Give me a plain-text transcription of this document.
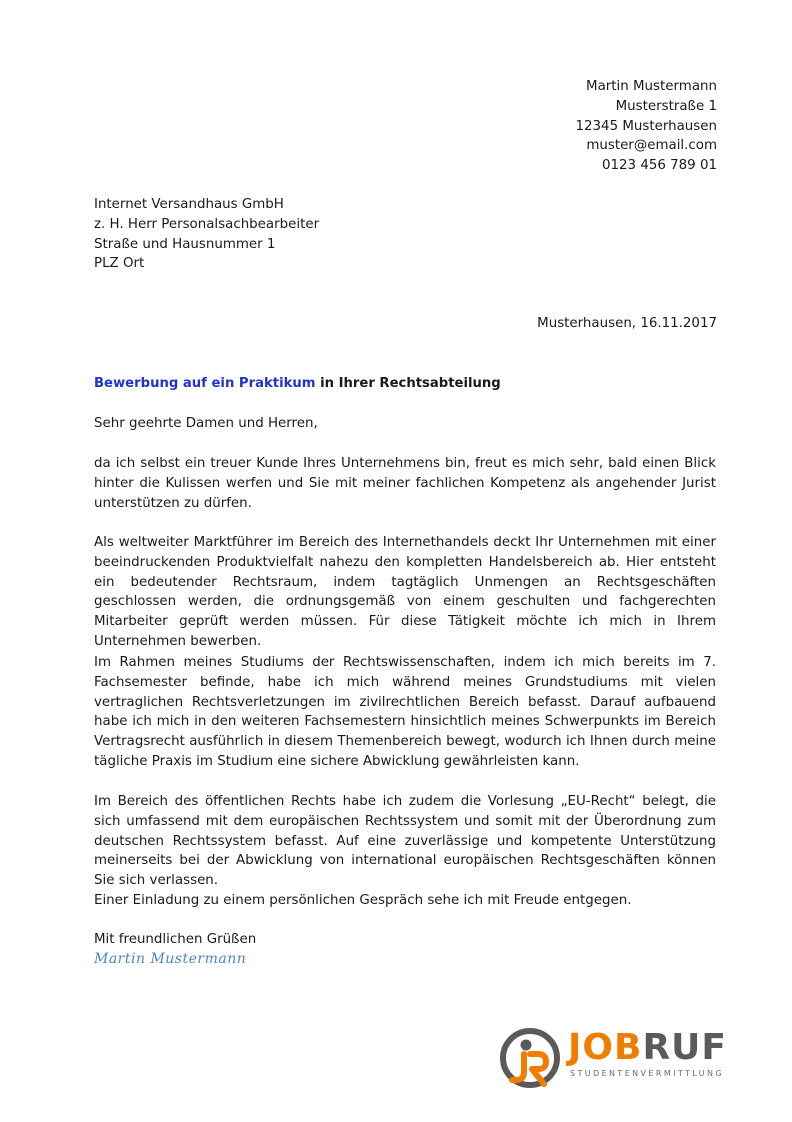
Martin Mustermann
Musterstraße 1
12345 Musterhausen
muster@email.com
0123 456 789 01
Internet Versandhaus GmbH
z. H. Herr Personalsachbearbeiter
Straße und Hausnummer 1
PLZ Ort
Musterhausen, 16.11.2017
Bewerbung auf ein Praktikum in Ihrer Rechtsabteilung
Sehr geehrte Damen und Herren,

da ich selbst ein treuer Kunde Ihres Unternehmens bin, freut es mich sehr, bald einen Blick hinter die Kulissen werfen und Sie mit meiner fachlichen Kompetenz als angehender Jurist unterstützen zu dürfen.

Als weltweiter Marktführer im Bereich des Internethandels deckt Ihr Unternehmen mit einer beeindruckenden Produktvielfalt nahezu den kompletten Handelsbereich ab. Hier entsteht ein bedeutender Rechtsraum, indem tagtäglich Unmengen an Rechtsgeschäften geschlossen werden, die ordnungsgemäß von einem geschulten und fachgerechten Mitarbeiter geprüft werden müssen. Für diese Tätigkeit möchte ich mich in Ihrem Unternehmen bewerben.

Im Rahmen meines Studiums der Rechtswissenschaften, indem ich mich bereits im 7. Fachsemester befinde, habe ich mich während meines Grundstudiums mit vielen vertraglichen Rechtsverletzungen im zivilrechtlichen Bereich befasst. Darauf aufbauend habe ich mich in den weiteren Fachsemestern hinsichtlich meines Schwerpunkts im Bereich Vertragsrecht ausführlich in diesem Themenbereich bewegt, wodurch ich Ihnen durch meine tägliche Praxis im Studium eine sichere Abwicklung gewährleisten kann.

Im Bereich des öffentlichen Rechts habe ich zudem die Vorlesung „EU-Recht“ belegt, die sich umfassend mit dem europäischen Rechtssystem und somit mit der Überordnung zum deutschen Rechtssystem befasst. Auf eine zuverlässige und kompetente Unterstützung meinerseits bei der Abwicklung von international europäischen Rechtsgeschäften können Sie sich verlassen.
Einer Einladung zu einem persönlichen Gespräch sehe ich mit Freude entgegen.
Mit freundlichen Grüßen
Martin Mustermann
JOBRUF
STUDENTENVERMITTLUNG
